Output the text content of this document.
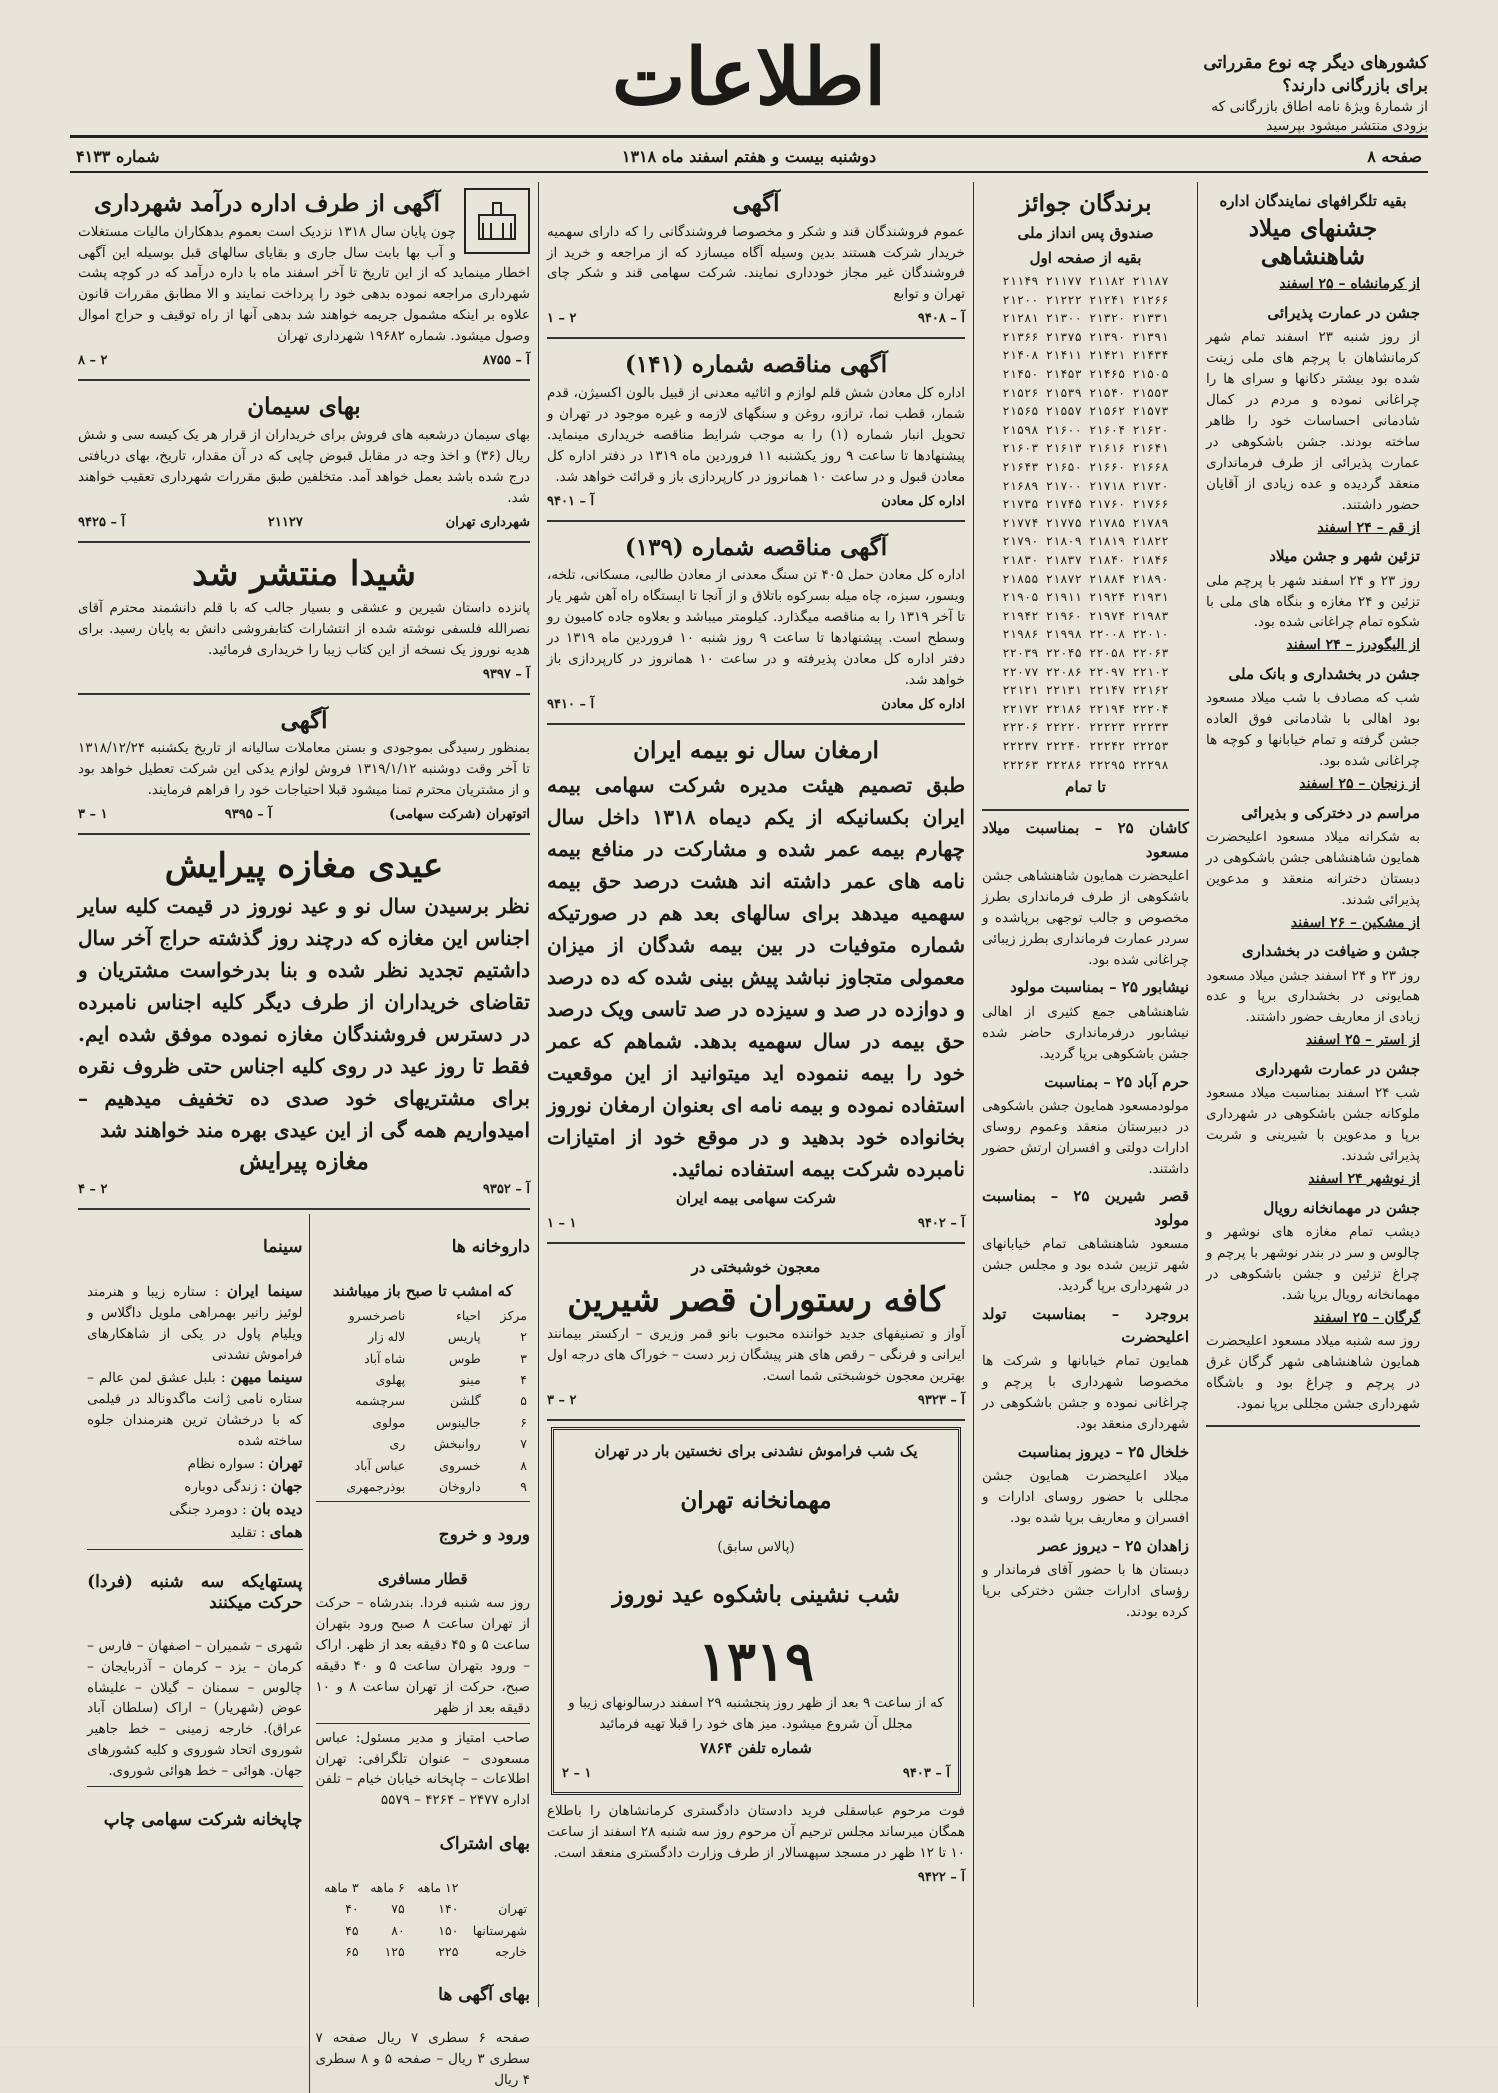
کشورهای دیگر چه نوع مقرراتی
برای بازرگانی دارند؟
از شمارهٔ ویژهٔ نامه اطاق بازرگانی که بزودی منتشر میشود بپرسید
اطلاعات
صفحه ۸
دوشنبه بیست و هفتم اسفند ماه ۱۳۱۸
شماره ۴۱۳۳
بقیه تلگرافهای نمایندگان اداره
جشنهای میلاد شاهنشاهی
از کرمانشاه – ۲۵ اسفند
جشن در عمارت پذیرائی

از روز شنبه ۲۳ اسفند تمام شهر کرمانشاهان با پرچم های ملی زینت شده بود بیشتر دکانها و سرای ها را چراغانی نموده و مردم در کمال شادمانی احساسات خود را ظاهر ساخته بودند. جشن باشکوهی در عمارت پذیرائی از طرف فرمانداری منعقد گردیده و عده زیادی از آقایان حضور داشتند.

از قم – ۲۴ اسفند
تزئین شهر و جشن میلاد

روز ۲۳ و ۲۴ اسفند شهر با پرچم ملی تزئین و ۲۴ مغازه و بنگاه های ملی با شکوه تمام چراغانی شده بود.

از الیگودرز – ۲۴ اسفند
جشن در بخشداری و بانک ملی

شب که مصادف با شب میلاد مسعود بود اهالی با شادمانی فوق العاده جشن گرفته و تمام خیابانها و کوچه ها چراغانی شده بود.

از زنجان – ۲۵ اسفند
مراسم در دخترکی و بذیرائی

به شکرانه میلاد مسعود اعلیحضرت همایون شاهنشاهی جشن باشکوهی در دبستان دخترانه منعقد و مدعوین پذیرائی شدند.

از مشکین – ۲۶ اسفند
جشن و ضیافت در بخشداری

روز ۲۳ و ۲۴ اسفند جشن میلاد مسعود همایونی در بخشداری برپا و عده زیادی از معاریف حضور داشتند.

از استر – ۲۵ اسفند
جشن در عمارت شهرداری

شب ۲۴ اسفند بمناسبت میلاد مسعود ملوکانه جشن باشکوهی در شهرداری برپا و مدعوین با شیرینی و شربت پذیرائی شدند.

از نوشهر ۲۴ اسفند
جشن در مهمانخانه رویال

دیشب تمام مغازه های نوشهر و چالوس و سر در بندر نوشهر با پرچم و چراغ تزئین و جشن باشکوهی در مهمانخانه رویال برپا شد.

گرگان – ۲۵ اسفند

روز سه شنبه میلاد مسعود اعلیحضرت همایون شاهنشاهی شهر گرگان غرق در پرچم و چراغ بود و باشگاه شهرداری جشن مجللی برپا نمود.

برندگان جوائز
صندوق پس انداز ملی
بقیه از صفحه اول
۲۱۱۴۹ ۲۱۱۷۷ ۲۱۱۸۲ ۲۱۱۸۷
۲۱۲۰۰ ۲۱۲۲۲ ۲۱۲۴۱ ۲۱۲۶۶
۲۱۲۸۱ ۲۱۳۰۰ ۲۱۳۲۰ ۲۱۳۳۱
۲۱۳۶۶ ۲۱۳۷۵ ۲۱۳۹۰ ۲۱۳۹۱
۲۱۴۰۸ ۲۱۴۱۱ ۲۱۴۲۱ ۲۱۴۳۴
۲۱۴۵۰ ۲۱۴۵۳ ۲۱۴۶۵ ۲۱۵۰۵
۲۱۵۲۶ ۲۱۵۳۹ ۲۱۵۴۰ ۲۱۵۵۳
۲۱۵۶۵ ۲۱۵۵۷ ۲۱۵۶۲ ۲۱۵۷۳
۲۱۵۹۸ ۲۱۶۰۰ ۲۱۶۰۴ ۲۱۶۲۰
۲۱۶۰۳ ۲۱۶۱۳ ۲۱۶۱۶ ۲۱۶۴۱
۲۱۶۴۳ ۲۱۶۵۰ ۲۱۶۶۰ ۲۱۶۶۸
۲۱۶۸۹ ۲۱۷۰۰ ۲۱۷۱۸ ۲۱۷۲۰
۲۱۷۳۵ ۲۱۷۴۵ ۲۱۷۶۰ ۲۱۷۶۶
۲۱۷۷۴ ۲۱۷۷۵ ۲۱۷۸۵ ۲۱۷۸۹
۲۱۷۹۰ ۲۱۸۰۹ ۲۱۸۱۹ ۲۱۸۲۲
۲۱۸۳۰ ۲۱۸۳۷ ۲۱۸۴۰ ۲۱۸۴۶
۲۱۸۵۵ ۲۱۸۷۲ ۲۱۸۸۴ ۲۱۸۹۰
۲۱۹۰۵ ۲۱۹۱۱ ۲۱۹۲۴ ۲۱۹۳۱
۲۱۹۴۲ ۲۱۹۶۰ ۲۱۹۷۴ ۲۱۹۸۳
۲۱۹۸۶ ۲۱۹۹۸ ۲۲۰۰۸ ۲۲۰۱۰
۲۲۰۳۹ ۲۲۰۴۵ ۲۲۰۵۸ ۲۲۰۶۳
۲۲۰۷۷ ۲۲۰۸۶ ۲۲۰۹۷ ۲۲۱۰۲
۲۲۱۲۱ ۲۲۱۳۱ ۲۲۱۴۷ ۲۲۱۶۲
۲۲۱۷۲ ۲۲۱۸۶ ۲۲۱۹۴ ۲۲۲۰۴
۲۲۲۰۶ ۲۲۲۲۰ ۲۲۲۲۳ ۲۲۲۳۳
۲۲۲۳۷ ۲۲۲۴۰ ۲۲۲۴۲ ۲۲۲۵۳
۲۲۲۶۳ ۲۲۲۸۶ ۲۲۲۹۵ ۲۲۲۹۸
تا تمام
کاشان ۲۵ – بمناسبت میلاد مسعود

اعلیحضرت همایون شاهنشاهی جشن باشکوهی از طرف فرمانداری بطرز مخصوص و جالب توجهی برپاشده و سردر عمارت فرمانداری بطرز زیبائی چراغانی شده بود.

نیشابور ۲۵ – بمناسبت مولود

شاهنشاهی جمع کثیری از اهالی نیشابور درفرمانداری حاضر شده جشن باشکوهی برپا گردید.

حرم آباد ۲۵ – بمناسبت

مولودمسعود همایون جشن باشکوهی در دبیرستان منعقد وعموم روسای ادارات دولتی و افسران ارتش حضور داشتند.

قصر شیرین ۲۵ – بمناسبت مولود

مسعود شاهنشاهی تمام خیابانهای شهر تزیین شده بود و مجلس جشن در شهرداری برپا گردید.

بروجرد – بمناسبت تولد اعلیحضرت

همایون تمام خیابانها و شرکت ها مخصوصا شهرداری با پرچم و چراغانی نموده و جشن باشکوهی در شهرداری منعقد بود.

خلخال ۲۵ – دیروز بمناسبت

میلاد اعلیحضرت همایون جشن مجللی با حضور روسای ادارات و افسران و معاریف برپا شده بود.

زاهدان ۲۵ – دیروز عصر

دبستان ها با حضور آقای فرماندار و رؤسای ادارات جشن دخترکی برپا کرده بودند.

آگهی

عموم فروشندگان قند و شکر و مخصوصا فروشندگانی را که دارای سهمیه خریدار شرکت هستند بدین وسیله آگاه میسازد که از مراجعه و خرید از فروشندگان غیر مجاز خودداری نمایند. شرکت سهامی قند و شکر چای تهران و توابع

آ – ۹۴۰۸
۲ – ۱
آگهی مناقصه شماره (۱۴۱)

اداره کل معادن شش قلم لوازم و اثاثیه معدنی از قبیل بالون اکسیژن، قدم شمار، قطب نما، ترازو، روغن و سنگهای لازمه و غیره موجود در تهران و تحویل انبار شماره (۱) را به موجب شرایط مناقصه خریداری مینماید. پیشنهادها تا ساعت ۹ روز یکشنبه ۱۱ فروردین ماه ۱۳۱۹ در دفتر اداره کل معادن قبول و در ساعت ۱۰ همانروز در کارپردازی باز و قرائت خواهد شد.

اداره کل معادن
آ – ۹۴۰۱
آگهی مناقصه شماره (۱۳۹)

اداره کل معادن حمل ۴۰۵ تن سنگ معدنی از معادن طالبی، مسکانی، تلخه، ویسور، سبزه، چاه میله بسرکوه باتلاق و از آنجا تا ایستگاه راه آهن شهر یار تا آخر ۱۳۱۹ را به مناقصه میگذارد. کیلومتر میباشد و بعلاوه جاده کامیون رو وسطح است. پیشنهادها تا ساعت ۹ روز شنبه ۱۰ فروردین ماه ۱۳۱۹ در دفتر اداره کل معادن پذیرفته و در ساعت ۱۰ همانروز در کارپردازی باز خواهد شد.

اداره کل معادن
آ – ۹۴۱۰
ارمغان سال نو بیمه ایران

طبق تصمیم هیئت مدیره شرکت سهامی بیمه ایران بکسانیکه از یکم دیماه ۱۳۱۸ داخل سال چهارم بیمه عمر شده و مشارکت در منافع بیمه نامه های عمر داشته اند هشت درصد حق بیمه سهمیه میدهد برای سالهای بعد هم در صورتیکه شماره متوفیات در بین بیمه شدگان از میزان معمولی متجاوز نباشد پیش بینی شده که ده درصد و دوازده در صد و سیزده در صد تاسی ویک درصد حق بیمه در سال سهمیه بدهد. شماهم که عمر خود را بیمه ننموده اید میتوانید از این موقعیت استفاده نموده و بیمه نامه ای بعنوان ارمغان نوروز بخانواده خود بدهید و در موقع خود از امتیازات نامبرده شرکت بیمه استفاده نمائید.

شرکت سهامی بیمه ایران
آ – ۹۴۰۲
۱ – ۱
معجون خوشبختی در
کافه رستوران قصر شیرین

آواز و تصنیفهای جدید خواننده محبوب بانو قمر وزیری – ارکستر بیمانند ایرانی و فرنگی – رقص های هنر پیشگان زبر دست – خوراک های درجه اول بهترین معجون خوشبختی شما است.

آ – ۹۳۲۳
۲ – ۳
یک شب فراموش نشدنی برای نخستین بار در تهران
مهمانخانه تهران
(پالاس سابق)
شب نشینی باشکوه عید نوروز
۱۳۱۹

که از ساعت ۹ بعد از ظهر روز پنجشنبه ۲۹ اسفند درسالونهای زیبا و مجلل آن شروع میشود. میز های خود را قبلا تهیه فرمائید

شماره تلفن ۷۸۶۴
آ – ۹۴۰۳
۱ – ۲

فوت مرحوم عباسقلی فرید دادستان دادگستری کرمانشاهان را باطلاع همگان میرساند مجلس ترحیم آن مرحوم روز سه شنبه ۲۸ اسفند از ساعت ۱۰ تا ۱۲ ظهر در مسجد سپهسالار از طرف وزارت دادگستری منعقد است.

آ – ۹۴۲۲
آگهی از طرف اداره درآمد شهرداری

چون پایان سال ۱۳۱۸ نزدیک است بعموم بدهکاران مالیات مستغلات و آب بها بابت سال جاری و بقایای سالهای قبل بوسیله این آگهی اخطار مینماید که از این تاریخ تا آخر اسفند ماه با داره درآمد که در کوچه پشت شهرداری مراجعه نموده بدهی خود را پرداخت نمایند و الا مطابق مقررات قانون علاوه بر اینکه مشمول جریمه خواهند شد بدهی آنها از راه توقیف و حراج اموال وصول میشود. شماره ۱۹۶۸۲ شهرداری تهران

آ – ۸۷۵۵
۲ – ۸
بهای سیمان

بهای سیمان درشعبه های فروش برای خریداران از قرار هر یک کیسه سی و شش ریال (۳۶) و اخذ وجه در مقابل قبوض چاپی که در آن مقدار، تاریخ، بهای دریافتی درج شده باشد بعمل خواهد آمد. متخلفین طبق مقررات شهرداری تعقیب خواهند شد.

شهرداری تهران
۲۱۱۲۷
آ – ۹۴۲۵
شیدا منتشر شد

پانزده داستان شیرین و عشقی و بسیار جالب که با قلم دانشمند محترم آقای نصرالله فلسفی نوشته شده از انتشارات کتابفروشی دانش به پایان رسید. برای هدیه نوروز یک نسخه از این کتاب زیبا را خریداری فرمائید.

آ – ۹۳۹۷
آگهی

بمنظور رسیدگی بموجودی و بستن معاملات سالیانه از تاریخ یکشنبه ۱۳۱۸/۱۲/۲۴ تا آخر وقت دوشنبه ۱۳۱۹/۱/۱۲ فروش لوازم یدکی این شرکت تعطیل خواهد بود و از مشتریان محترم تمنا میشود قبلا احتیاجات خود را فراهم فرمایند.

اتوتهران (شرکت سهامی)
آ – ۹۳۹۵
۱ – ۳
عیدی مغازه پیرایش

نظر برسیدن سال نو و عید نوروز در قیمت کلیه سایر اجناس این مغازه که درچند روز گذشته حراج آخر سال داشتیم تجدید نظر شده و بنا بدرخواست مشتریان و تقاضای خریداران از طرف دیگر کلیه اجناس نامبرده در دسترس فروشندگان مغازه نموده موفق شده ایم. فقط تا روز عید در روی کلیه اجناس حتی ظروف نقره برای مشتریهای خود صدی ده تخفیف میدهیم – امیدواریم همه گی از این عیدی بهره مند خواهند شد

مغازه پیرایش
آ – ۹۳۵۲
۲ – ۴
داروخانه ها
که امشب تا صبح باز میباشند
مرکز	احیاء	ناصرخسرو
۲	پاریس	لاله زار
۳	طوس	شاه آباد
۴	مینو	پهلوی
۵	گلشن	سرچشمه
۶	جالینوس	مولوی
۷	روانبخش	ری
۸	خسروی	عباس آباد
۹	داروخان	بوذرجمهری
ورود و خروج
قطار مسافری

روز سه شنبه فردا. بندرشاه – حرکت از تهران ساعت ۸ صبح ورود بتهران ساعت ۵ و ۴۵ دقیقه بعد از ظهر. اراک – ورود بتهران ساعت ۵ و ۴۰ دقیقه صبح، حرکت از تهران ساعت ۸ و ۱۰ دقیقه بعد از ظهر

صاحب امتیاز و مدیر مسئول: عباس مسعودی – عنوان تلگرافی: تهران اطلاعات – چاپخانه خیابان خیام – تلفن اداره ۲۴۷۷ – ۴۲۶۴ – ۵۵۷۹

بهای اشتراک
	۱۲ ماهه	۶ ماهه	۳ ماهه
تهران	۱۴۰	۷۵	۴۰
شهرستانها	۱۵۰	۸۰	۴۵
خارجه	۲۲۵	۱۲۵	۶۵
بهای آگهی ها

صفحه ۶ سطری ۷ ریال صفحه ۷ سطری ۳ ریال – صفحه ۵ و ۸ سطری ۴ ریال

سینما
سینما ایران : ستاره زیبا و هنرمند لوئیز رانیر بهمراهی ملویل داگلاس و ویلیام پاول در یکی از شاهکارهای فراموش نشدنی
سینما میهن : بلبل عشق لمن عالم – ستاره نامی ژانت ماگدونالد در فیلمی که با درخشان ترین هنرمندان جلوه ساخته شده
تهران : سواره نظام
جهان : زندگی دوباره
دیده بان : دومرد جنگی
همای : تقلید
پستهایکه سه شنبه (فردا) حرکت میکنند

شهری – شمیران – اصفهان – فارس – کرمان – یزد – کرمان – آذربایجان – چالوس – سمنان – گیلان – علیشاه عوض (شهریار) – اراک (سلطان آباد عراق). خارجه زمینی – خط جاهیر شوروی اتحاد شوروی و کلیه کشورهای جهان. هوائی – خط هوائی شوروی.

چاپخانه شرکت سهامی چاپ
